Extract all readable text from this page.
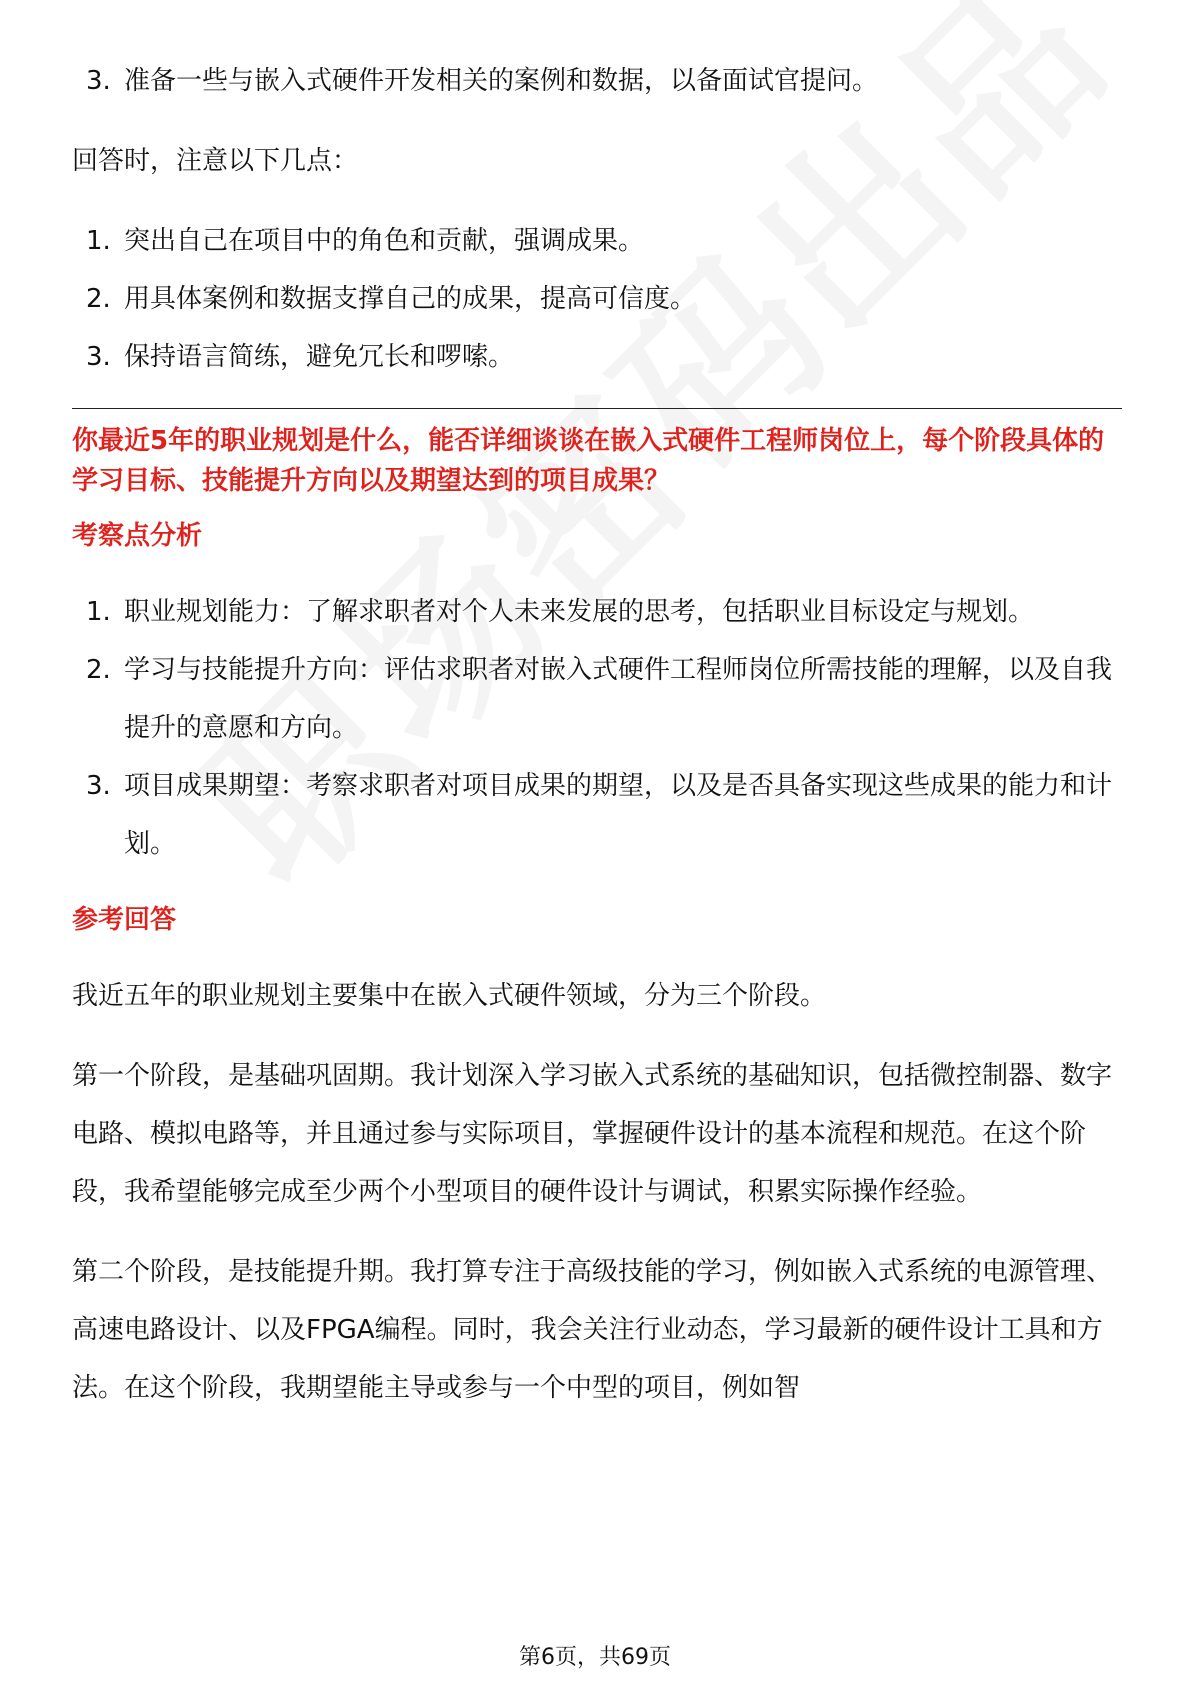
3. 准备一些与嵌入式硬件开发相关的案例和数据，以备面试官提问。

回答时，注意以下几点：

1. 突出自己在项目中的角色和贡献，强调成果。
2. 用具体案例和数据支撑自己的成果，提高可信度。
3. 保持语言简练，避免冗长和啰嗦。

你最近5年的职业规划是什么，能否详细谈谈在嵌入式硬件工程师岗位上，每个阶段具体的学习目标、技能提升方向以及期望达到的项目成果？

考察点分析

1. 职业规划能力：了解求职者对个人未来发展的思考，包括职业目标设定与规划。
2. 学习与技能提升方向：评估求职者对嵌入式硬件工程师岗位所需技能的理解，以及自我提升的意愿和方向。
3. 项目成果期望：考察求职者对项目成果的期望，以及是否具备实现这些成果的能力和计划。

参考回答

我近五年的职业规划主要集中在嵌入式硬件领域，分为三个阶段。

第一个阶段，是基础巩固期。我计划深入学习嵌入式系统的基础知识，包括微控制器、数字电路、模拟电路等，并且通过参与实际项目，掌握硬件设计的基本流程和规范。在这个阶段，我希望能够完成至少两个小型项目的硬件设计与调试，积累实际操作经验。

第二个阶段，是技能提升期。我打算专注于高级技能的学习，例如嵌入式系统的电源管理、高速电路设计、以及FPGA编程。同时，我会关注行业动态，学习最新的硬件设计工具和方法。在这个阶段，我期望能主导或参与一个中型的项目，例如智

第6页，共69页
